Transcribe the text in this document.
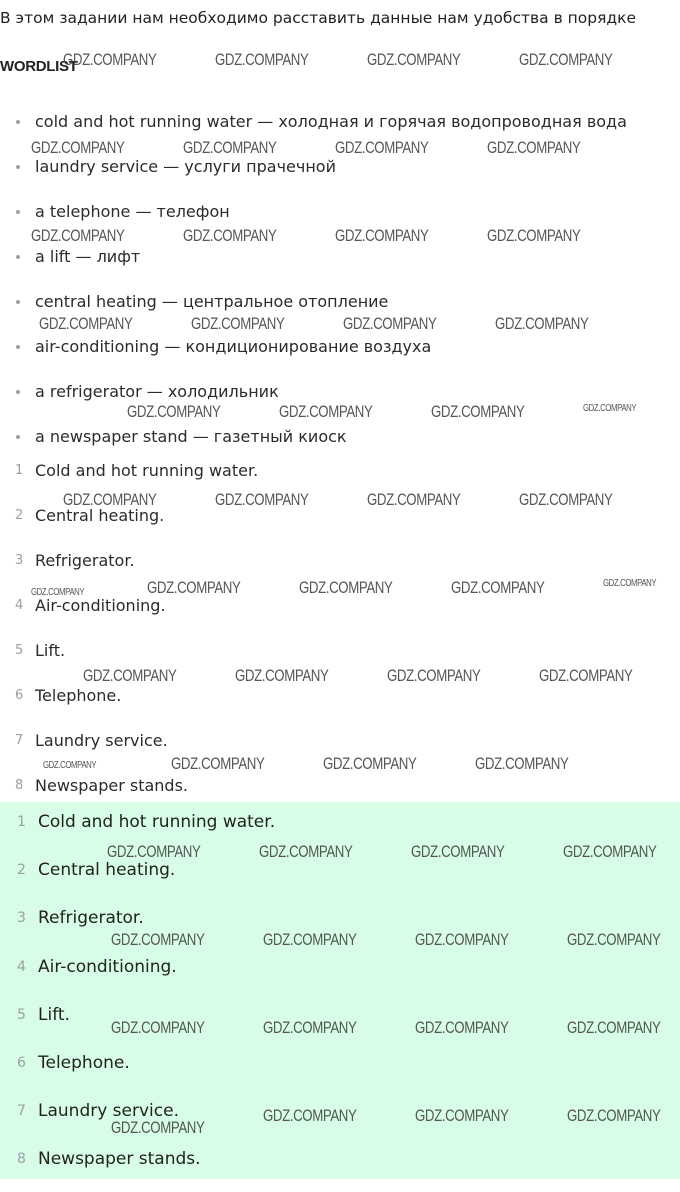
В этом задании нам необходимо расставить данные нам удобства в порядке
WORDLIST
cold and hot running water — холодная и горячая водопроводная вода
laundry service — услуги прачечной
a telephone — телефон
a lift — лифт
central heating — центральное отопление
air-conditioning — кондиционирование воздуха
a refrigerator — холодильник
a newspaper stand — газетный киоск
1 Cold and hot running water.
2 Central heating.
3 Refrigerator.
4 Air-conditioning.
5 Lift.
6 Telephone.
7 Laundry service.
8 Newspaper stands.
1 Cold and hot running water.
2 Central heating.
3 Refrigerator.
4 Air-conditioning.
5 Lift.
6 Telephone.
7 Laundry service.
8 Newspaper stands.
GDZ.COMPANY	GDZ.COMPANY	GDZ.COMPANY	GDZ.COMPANY
GDZ.COMPANY	GDZ.COMPANY	GDZ.COMPANY	GDZ.COMPANY
GDZ.COMPANY	GDZ.COMPANY	GDZ.COMPANY	GDZ.COMPANY
GDZ.COMPANY	GDZ.COMPANY	GDZ.COMPANY	GDZ.COMPANY
GDZ.COMPANY	GDZ.COMPANY	GDZ.COMPANY	GDZ.COMPANY
GDZ.COMPANY	GDZ.COMPANY	GDZ.COMPANY	GDZ.COMPANY
GDZ.COMPANY	GDZ.COMPANY	GDZ.COMPANY	GDZ.COMPANY	GDZ.COMPANY
GDZ.COMPANY	GDZ.COMPANY	GDZ.COMPANY	GDZ.COMPANY
GDZ.COMPANY	GDZ.COMPANY	GDZ.COMPANY	GDZ.COMPANY
GDZ.COMPANY	GDZ.COMPANY	GDZ.COMPANY	GDZ.COMPANY
GDZ.COMPANY	GDZ.COMPANY	GDZ.COMPANY	GDZ.COMPANY
GDZ.COMPANY	GDZ.COMPANY	GDZ.COMPANY	GDZ.COMPANY
GDZ.COMPANY
GDZ.COMPANY	GDZ.COMPANY	GDZ.COMPANY
